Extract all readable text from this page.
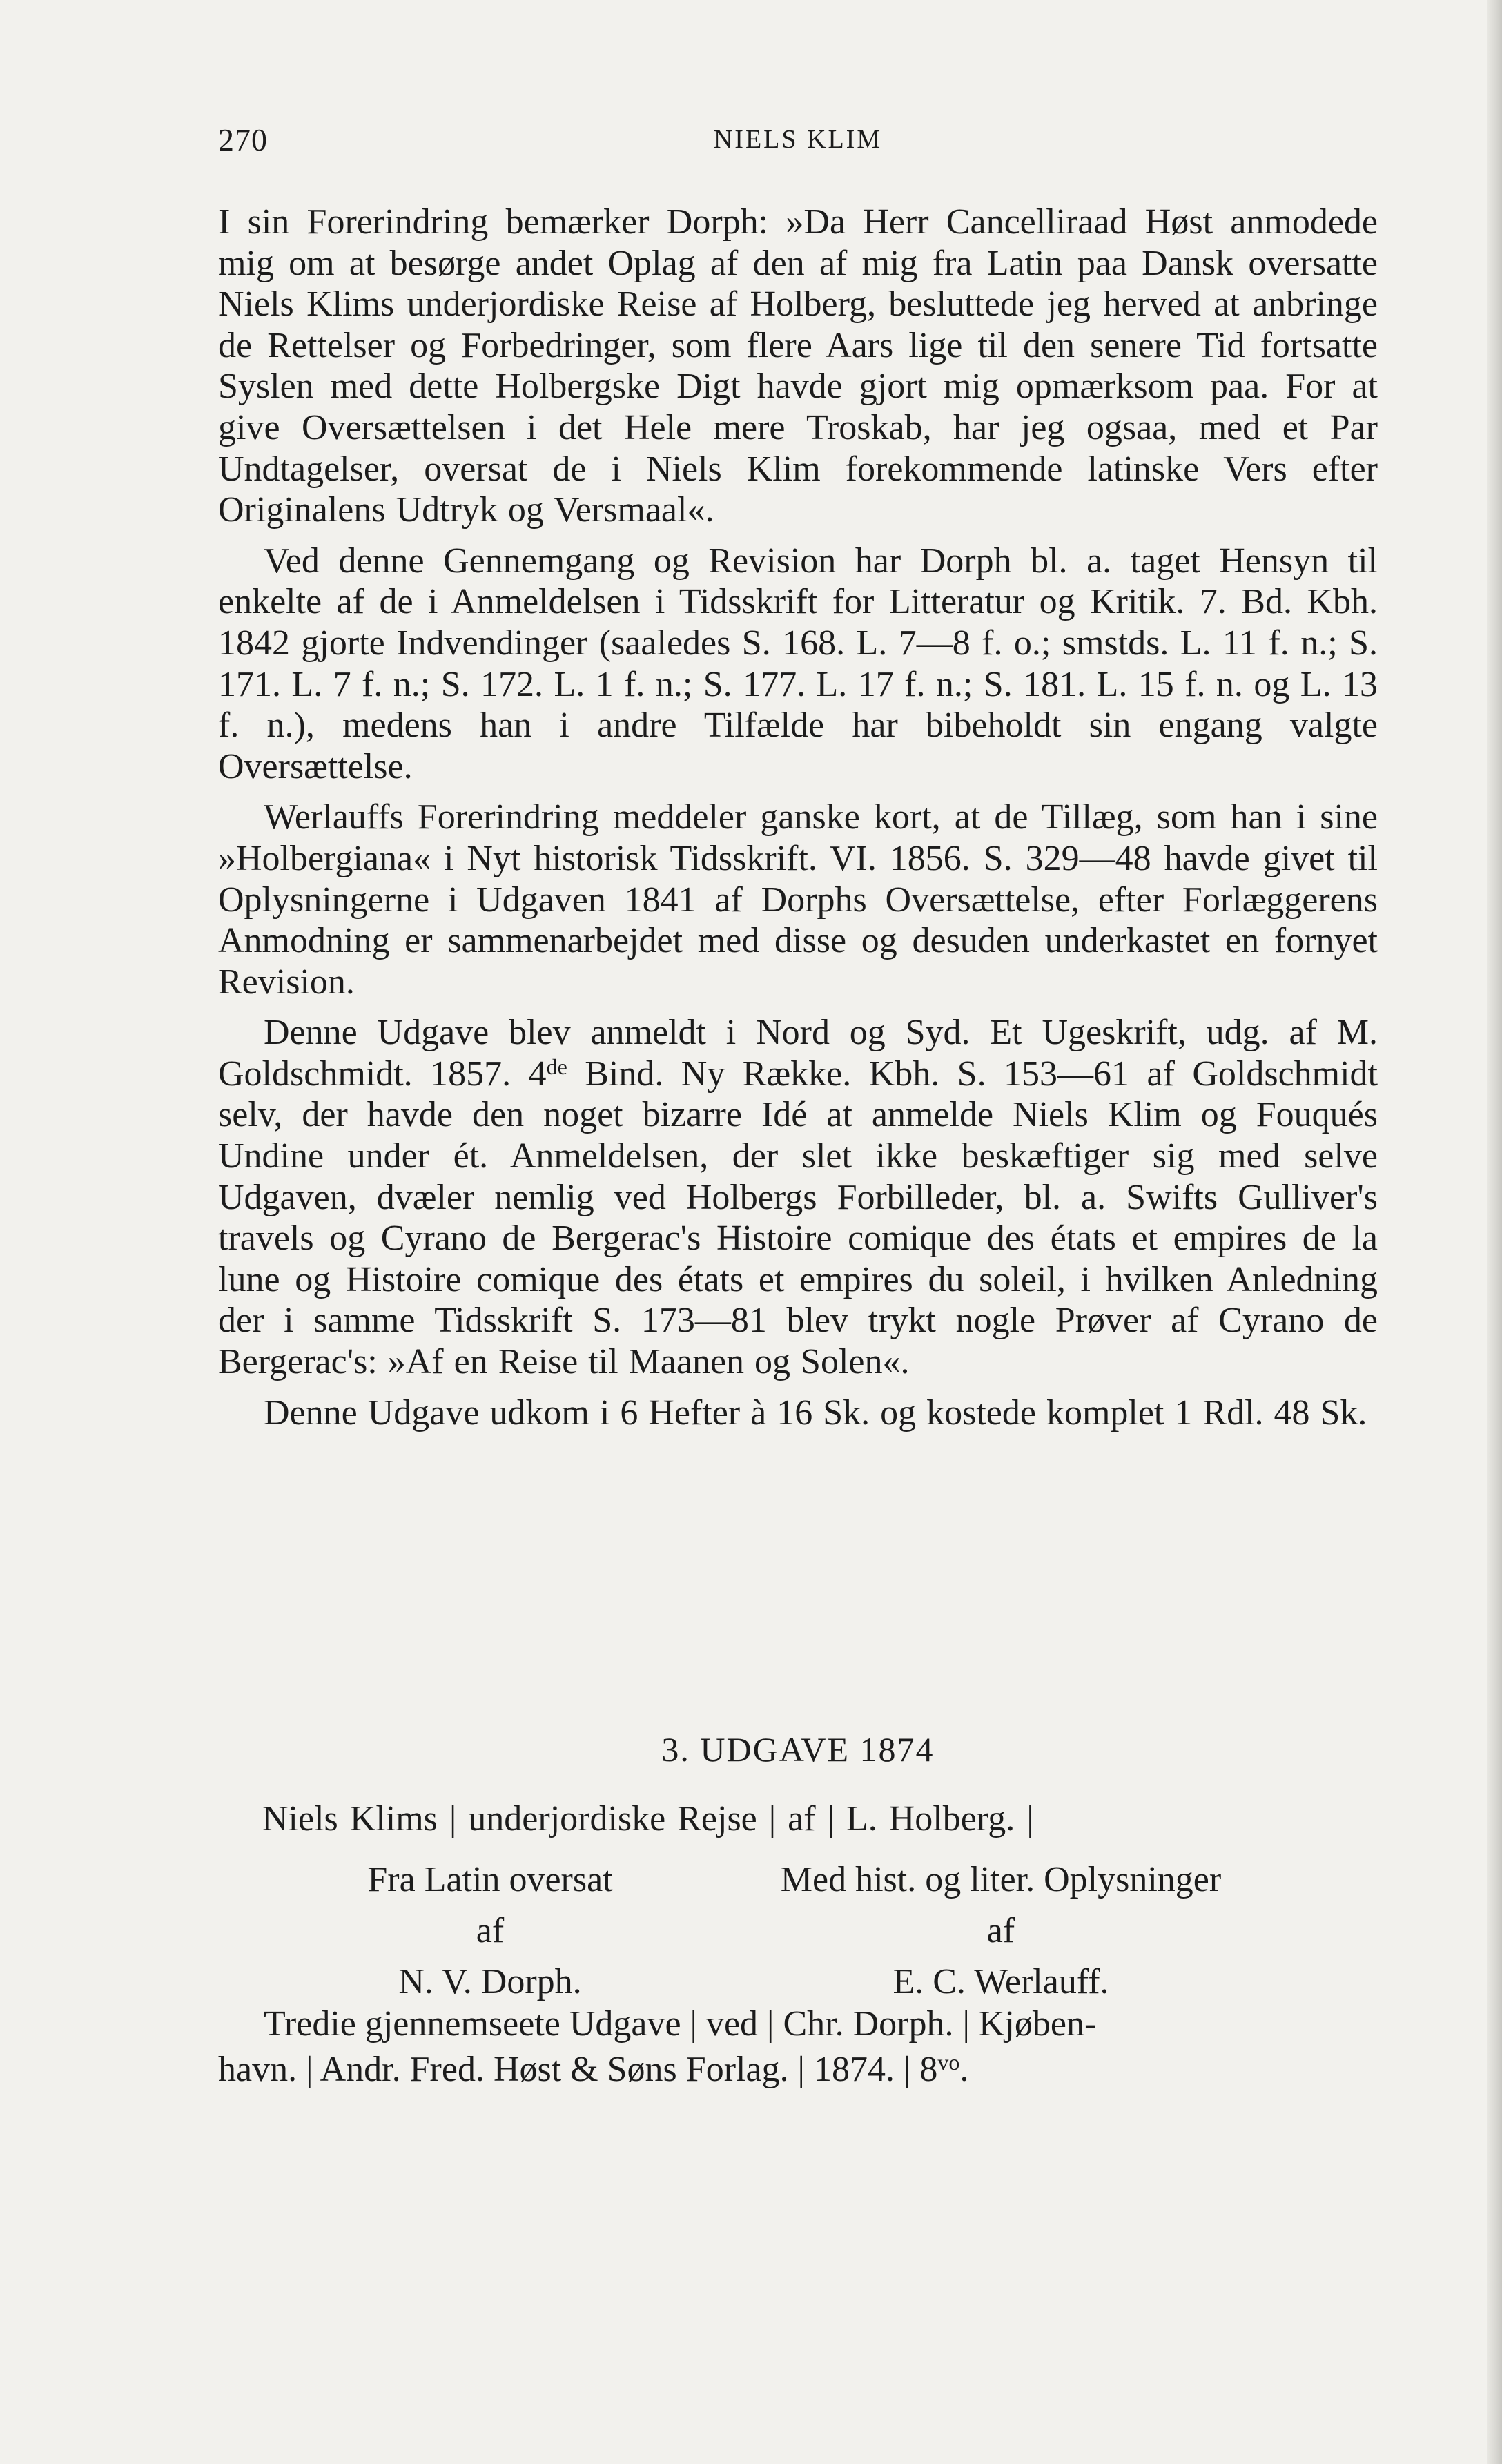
270	NIELS KLIM

I sin Forerindring bemærker Dorph: »Da Herr Cancelliraad Høst anmodede mig om at besørge andet Oplag af den af mig fra Latin paa Dansk oversatte Niels Klims underjordiske Reise af Holberg, besluttede jeg herved at anbringe de Rettelser og Forbedringer, som flere Aars lige til den senere Tid fortsatte Syslen med dette Holbergske Digt havde gjort mig opmærksom paa. For at give Oversættelsen i det Hele mere Troskab, har jeg ogsaa, med et Par Undtagelser, oversat de i Niels Klim forekommende latinske Vers efter Originalens Udtryk og Versmaal«.

Ved denne Gennemgang og Revision har Dorph bl. a. taget Hensyn til enkelte af de i Anmeldelsen i Tidsskrift for Litteratur og Kritik. 7. Bd. Kbh. 1842 gjorte Indvendinger (saaledes S. 168. L. 7—8 f. o.; smstds. L. 11 f. n.; S. 171. L. 7 f. n.; S. 172. L. 1 f. n.; S. 177. L. 17 f. n.; S. 181. L. 15 f. n. og L. 13 f. n.), medens han i andre Tilfælde har bibeholdt sin engang valgte Oversættelse.

Werlauffs Forerindring meddeler ganske kort, at de Tillæg, som han i sine »Holbergiana« i Nyt historisk Tidsskrift. VI. 1856. S. 329—48 havde givet til Oplysningerne i Udgaven 1841 af Dorphs Oversættelse, efter Forlæggerens Anmodning er sammenarbejdet med disse og desuden underkastet en fornyet Revision.

Denne Udgave blev anmeldt i Nord og Syd. Et Ugeskrift, udg. af M. Goldschmidt. 1857. 4de Bind. Ny Række. Kbh. S. 153—61 af Goldschmidt selv, der havde den noget bizarre Idé at anmelde Niels Klim og Fouqués Undine under ét. Anmeldelsen, der slet ikke beskæftiger sig med selve Udgaven, dvæler nemlig ved Holbergs Forbilleder, bl. a. Swifts Gulliver's travels og Cyrano de Bergerac's Histoire comique des états et empires de la lune og Histoire comique des états et empires du soleil, i hvilken Anledning der i samme Tidsskrift S. 173—81 blev trykt nogle Prøver af Cyrano de Bergerac's: »Af en Reise til Maanen og Solen«.

Denne Udgave udkom i 6 Hefter à 16 Sk. og kostede komplet 1 Rdl. 48 Sk.

3. UDGAVE 1874
Niels Klims | underjordiske Rejse | af | L. Holberg. |
Fra Latin oversat
af
N. V. Dorph.
Med hist. og liter. Oplysninger
af
E. C. Werlauff.

Tredie gjennemseete Udgave | ved | Chr. Dorph. | Kjøben-

havn. | Andr. Fred. Høst & Søns Forlag. | 1874. | $8^{vo}$.
